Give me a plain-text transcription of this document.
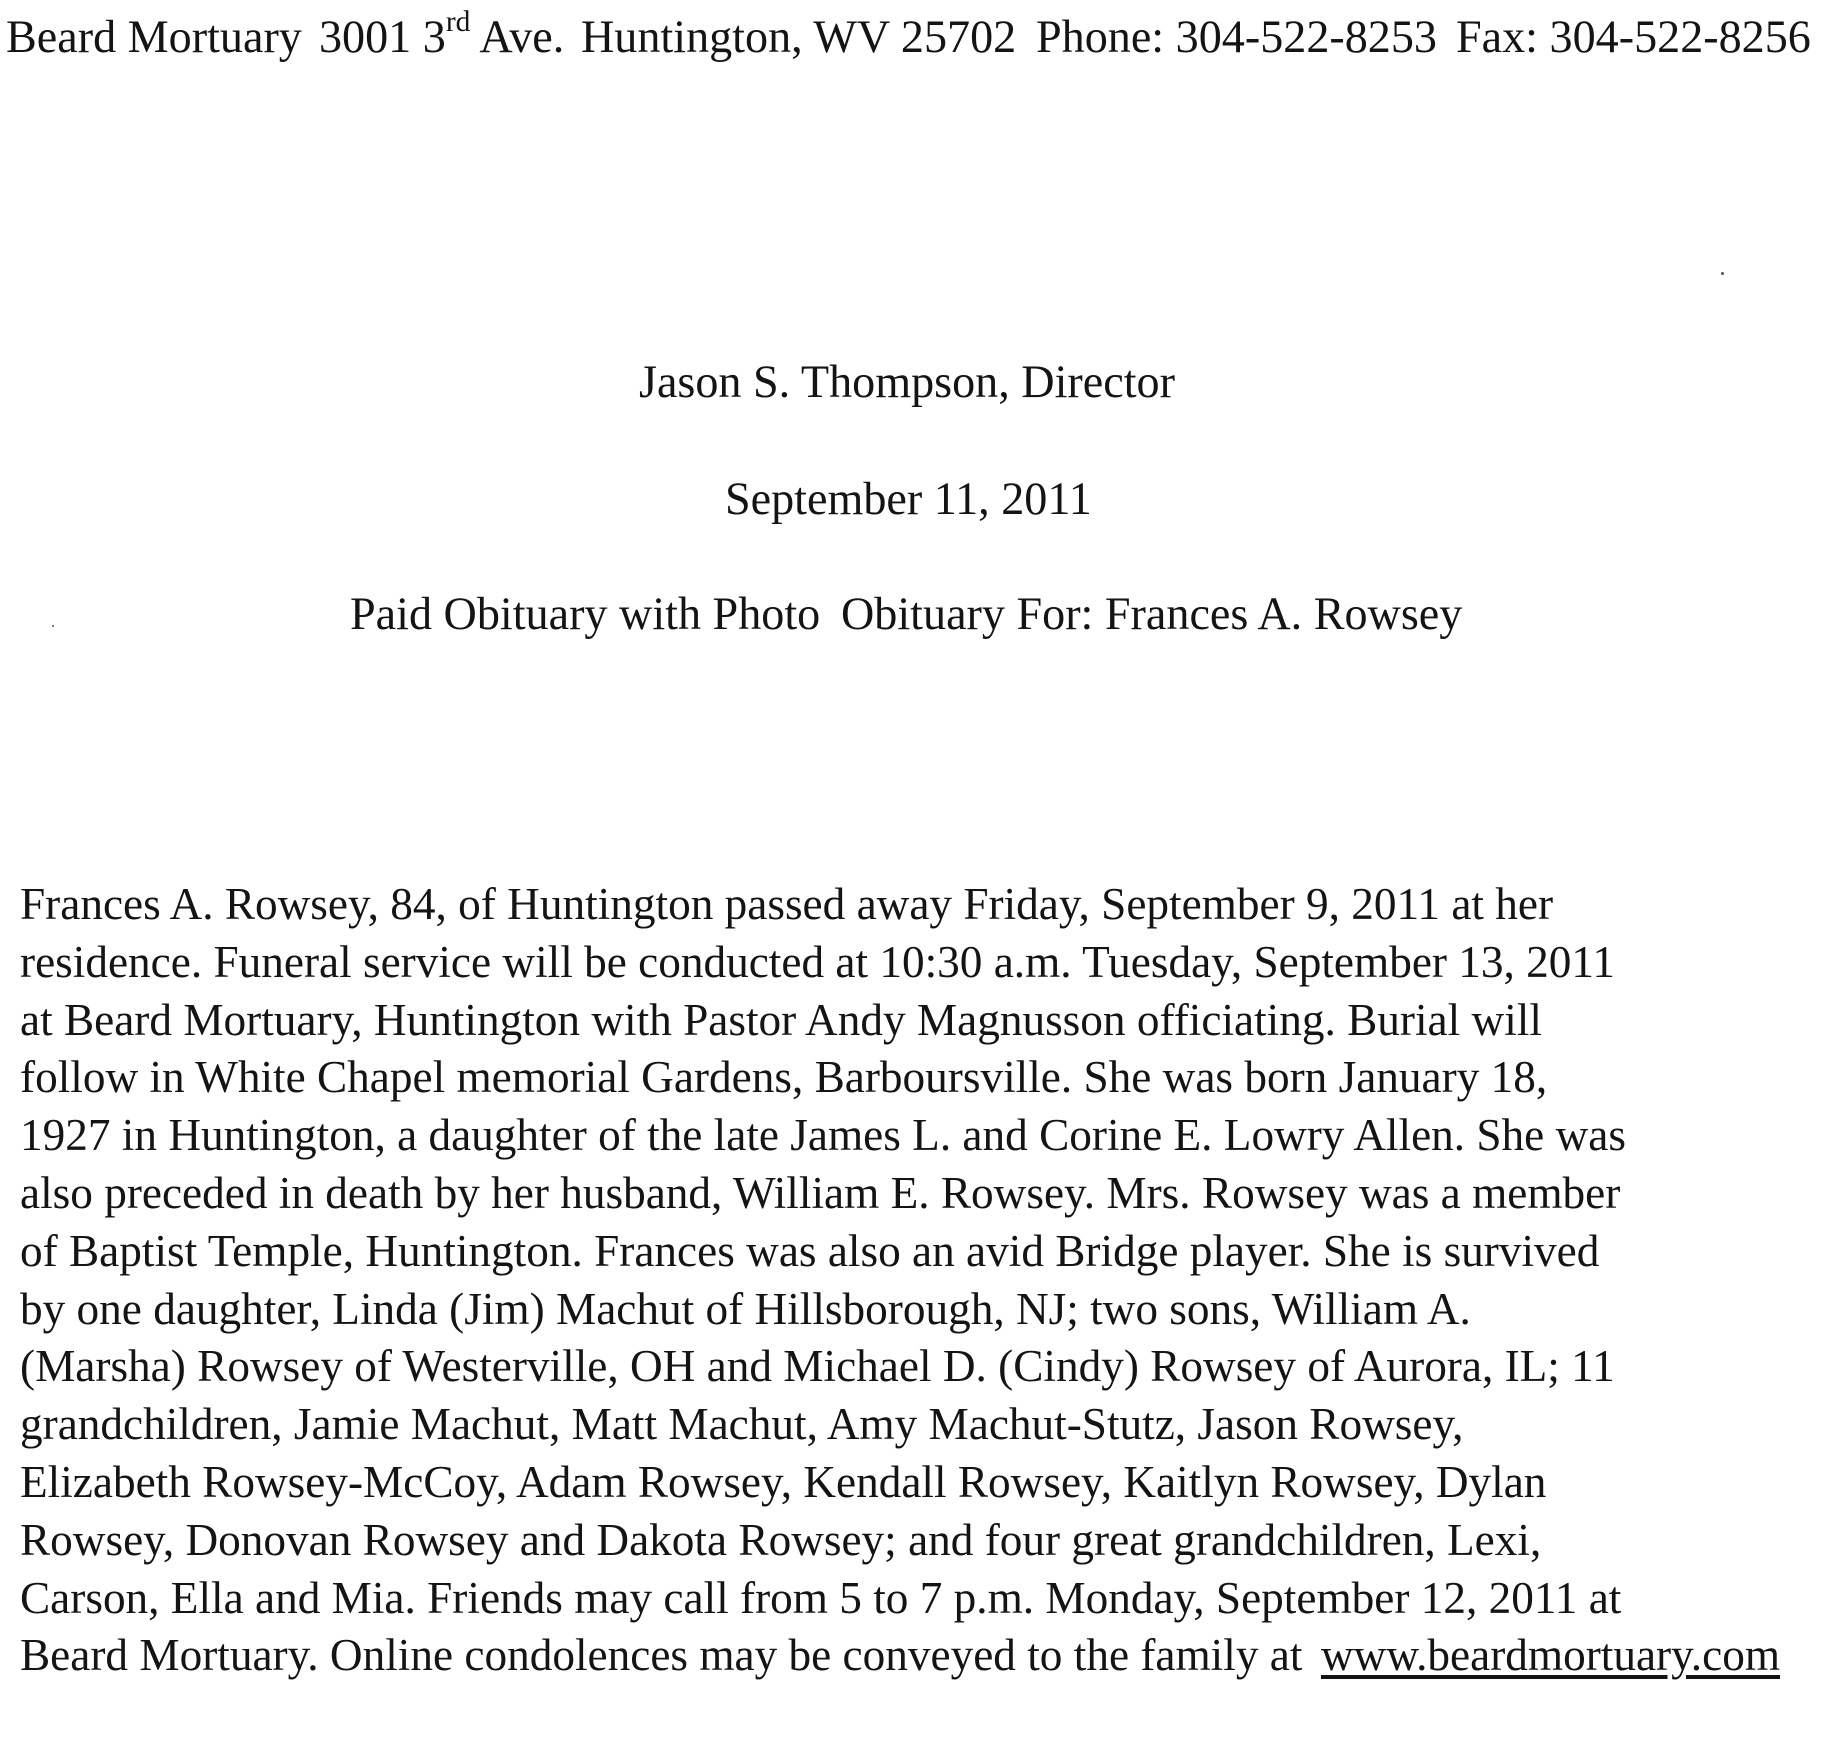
Beard Mortuary 3001 3rd Ave. Huntington, WV 25702 Phone: 304-522-8253 Fax: 304-522-8256
Jason S. Thompson, Director
September 11, 2011
Paid Obituary with Photo Obituary For: Frances A. Rowsey
Frances A. Rowsey, 84, of Huntington passed away Friday, September 9, 2011 at her residence. Funeral service will be conducted at 10:30 a.m. Tuesday, September 13, 2011 at Beard Mortuary, Huntington with Pastor Andy Magnusson officiating. Burial will follow in White Chapel memorial Gardens, Barboursville. She was born January 18, 1927 in Huntington, a daughter of the late James L. and Corine E. Lowry Allen. She was also preceded in death by her husband, William E. Rowsey. Mrs. Rowsey was a member of Baptist Temple, Huntington. Frances was also an avid Bridge player. She is survived by one daughter, Linda (Jim) Machut of Hillsborough, NJ; two sons, William A. (Marsha) Rowsey of Westerville, OH and Michael D. (Cindy) Rowsey of Aurora, IL; 11 grandchildren, Jamie Machut, Matt Machut, Amy Machut-Stutz, Jason Rowsey, Elizabeth Rowsey-McCoy, Adam Rowsey, Kendall Rowsey, Kaitlyn Rowsey, Dylan Rowsey, Donovan Rowsey and Dakota Rowsey; and four great grandchildren, Lexi, Carson, Ella and Mia. Friends may call from 5 to 7 p.m. Monday, September 12, 2011 at Beard Mortuary. Online condolences may be conveyed to the family at www.beardmortuary.com
